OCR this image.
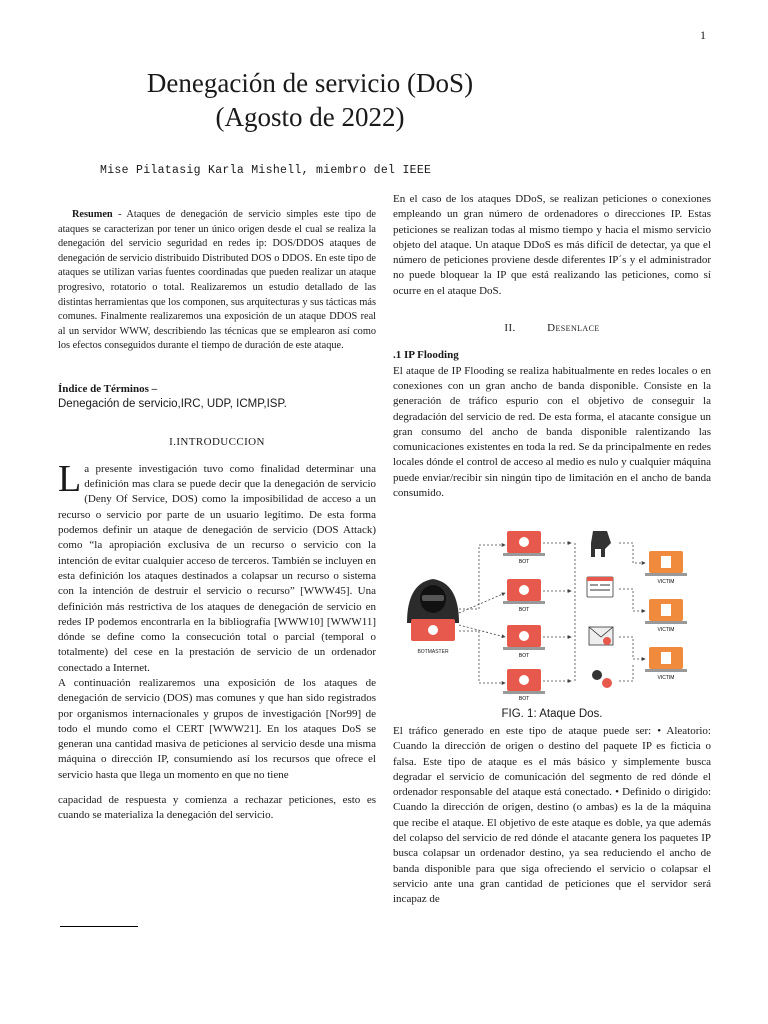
1
Denegación de servicio (DoS)
(Agosto de 2022)
Mise Pilatasig Karla Mishell, miembro del IEEE

Resumen - Ataques de denegación de servicio simples este tipo de ataques se caracterizan por tener un único origen desde el cual se realiza la denegación del servicio seguridad en redes ip: DOS/DDOS ataques de denegación de servicio distribuido Distributed DOS o DDOS. En este tipo de ataques se utilizan varias fuentes coordinadas que pueden realizar un ataque progresivo, rotatorio o total. Realizaremos un estudio detallado de las distintas herramientas que los componen, sus arquitecturas y sus tácticas más comunes. Finalmente realizaremos una exposición de un ataque DDOS real al un servidor WWW, describiendo las técnicas que se emplearon así como los efectos conseguidos durante el tiempo de duración de este ataque.

Índice de Términos –
Denegación de servicio,IRC, UDP, ICMP,ISP.
I.INTRODUCCION

La presente investigación tuvo como finalidad determinar una definición mas clara se puede decir que la denegación de servicio (Deny Of Service, DOS) como la imposibilidad de acceso a un recurso o servicio por parte de un usuario legítimo. De esta forma podemos definir un ataque de denegación de servicio (DOS Attack) como “la apropiación exclusiva de un recurso o servicio con la intención de evitar cualquier acceso de terceros. También se incluyen en esta definición los ataques destinados a colapsar un recurso o sistema con la intención de destruir el servicio o recurso” [WWW45]. Una definición más restrictiva de los ataques de denegación de servicio en redes IP podemos encontrarla en la bibliografía [WWW10] [WWW11] dónde se define como la consecución total o parcial (temporal o totalmente) del cese en la prestación de servicio de un ordenador conectado a Internet.

A continuación realizaremos una exposición de los ataques de denegación de servicio (DOS) mas comunes y que han sido registrados por organismos internacionales y grupos de investigación [Nor99] de todo el mundo como el CERT [WWW21]. En los ataques DoS se generan una cantidad masiva de peticiones al servicio desde una misma máquina o dirección IP, consumiendo así los recursos que ofrece el servicio hasta que llega un momento en que no tiene

capacidad de respuesta y comienza a rechazar peticiones, esto es cuando se materializa la denegación del servicio.

En el caso de los ataques DDoS, se realizan peticiones o conexiones empleando un gran número de ordenadores o direcciones IP. Estas peticiones se realizan todas al mismo tiempo y hacia el mismo servicio objeto del ataque. Un ataque DDoS es más difícil de detectar, ya que el número de peticiones proviene desde diferentes IP´s y el administrador no puede bloquear la IP que está realizando las peticiones, como sí ocurre en el ataque DoS.

II.	Desenlace
.1 IP Flooding

El ataque de IP Flooding se realiza habitualmente en redes locales o en conexiones con un gran ancho de banda disponible. Consiste en la generación de tráfico espurio con el objetivo de conseguir la degradación del servicio de red. De esta forma, el atacante consigue un gran consumo del ancho de banda disponible ralentizando las comunicaciones existentes en toda la red. Se da principalmente en redes locales dónde el control de acceso al medio es nulo y cualquier máquina puede enviar/recibir sin ningún tipo de limitación en el ancho de banda consumido.

BOTMASTER
BOT
BOT
BOT
BOT
VICTIM
VICTIM
VICTIM
FIG. 1: Ataque Dos.

El tráfico generado en este tipo de ataque puede ser: • Aleatorio: Cuando la dirección de origen o destino del paquete IP es ficticia o falsa. Este tipo de ataque es el más básico y simplemente busca degradar el servicio de comunicación del segmento de red dónde el ordenador responsable del ataque está conectado. • Definido o dirigido: Cuando la dirección de origen, destino (o ambas) es la de la máquina que recibe el ataque. El objetivo de este ataque es doble, ya que además del colapso del servicio de red dónde el atacante genera los paquetes IP busca colapsar un ordenador destino, ya sea reduciendo el ancho de banda disponible para que siga ofreciendo el servicio o colapsar el servicio ante una gran cantidad de peticiones que el servidor será incapaz de
